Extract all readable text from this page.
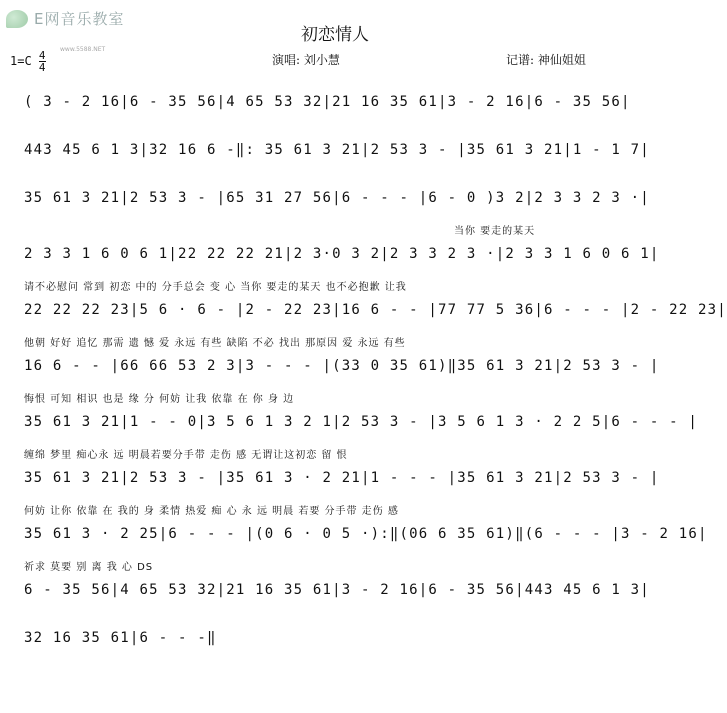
E网音乐教室
www.5588.NET
$1=C \frac{4}{4}$
初恋情人
演唱: 刘小慧	记谱: 神仙姐姐
( 3 - 2 16|6 - 35 56|4 65 53 32|21 16 35 61|3 - 2 16|6 - 35 56|
443 45 6 1 3|32 16 6 -‖: 35 61 3 21|2 53 3 - |35 61 3 21|1 - 1 7|
35 61 3 21|2 53 3 - |65 31 27 56|6 - - - |6 - 0 )3 2|2 3 3 2 3 ·|
当你 要走的某天
2 3 3 1 6 0 6 1|22 22 22 21|2 3·0 3 2|2 3 3 2 3 ·|2 3 3 1 6 0 6 1|
请不必慰问 常到 初恋 中的 分手总会 变 心 当你 要走的某天 也不必抱歉 让我
22 22 22 23|5 6 · 6 - |2 - 22 23|16 6 - - |77 77 5 36|6 - - - |2 - 22 23|
他朝 好好 追忆 那需 遗 憾 爱 永远 有些 缺陷 不必 找出 那原因 爱 永远 有些
16 6 - - |66 66 53 2 3|3 - - - |(33 0 35 61)‖35 61 3 21|2 53 3 - |
悔恨 可知 相识 也是 缘 分 何妨 让我 依靠 在 你 身 边
35 61 3 21|1 - - 0|3 5 6 1 3 2 1|2 53 3 - |3 5 6 1 3 · 2 2 5|6 - - - |
缠绵 梦里 痴心永 远 明晨若要分手带 走伤 感 无谓让这初恋 留 恨
35 61 3 21|2 53 3 - |35 61 3 · 2 21|1 - - - |35 61 3 21|2 53 3 - |
何妨 让你 依靠 在 我的 身 柔情 热爱 痴 心 永 远 明晨 若要 分手带 走伤 感
35 61 3 · 2 25|6 - - - |(0 6 · 0 5 ·):‖(06 6 35 61)‖(6 - - - |3 - 2 16|
祈求 莫要 别 离 我 心 DS
6 - 35 56|4 65 53 32|21 16 35 61|3 - 2 16|6 - 35 56|443 45 6 1 3|
32 16 35 61|6 - - -‖
